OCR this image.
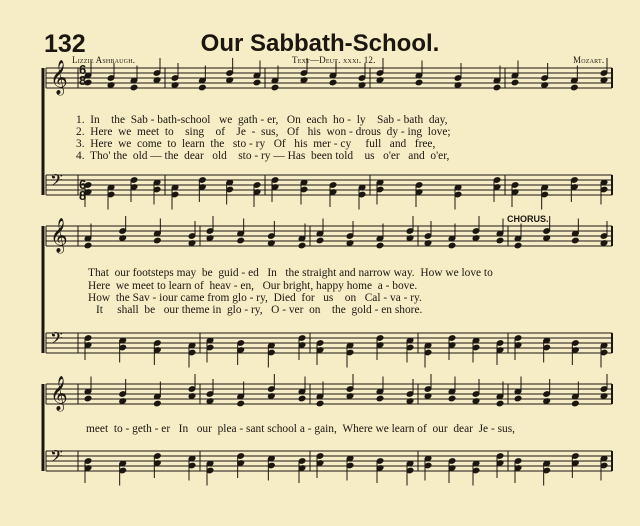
𝄞
𝄢
𝄞
𝄢
𝄞
𝄢
132	Our Sabbath-School.
Lizzie Ashbaugh.	Text—Deut. xxxi. 12.	Mozart.
1.  In    the  Sab - bath-school   we  gath - er,   On  each  ho -  ly    Sab - bath  day,
2.  Here  we  meet  to    sing    of    Je  -  sus,   Of   his  won - drous  dy - ing  love;
3.  Here  we  come  to  learn  the   sto - ry   Of   his  mer - cy     full   and   free,
4.  Tho' the  old — the  dear   old    sto - ry — Has  been told    us   o'er   and  o'er,
CHORUS.
That  our footsteps may  be  guid - ed   In   the straight and narrow way.  How we love to
Here  we meet to learn of  heav - en,   Our bright, happy home  a - bove.
How  the Sav - iour came from glo - ry,  Died  for   us    on   Cal - va - ry.
It     shall  be   our theme in  glo - ry,   O - ver  on    the  gold - en shore.
meet  to - geth - er   In   our  plea - sant school a - gain,  Where we learn of  our  dear  Je - sus,
6
8
6
8
